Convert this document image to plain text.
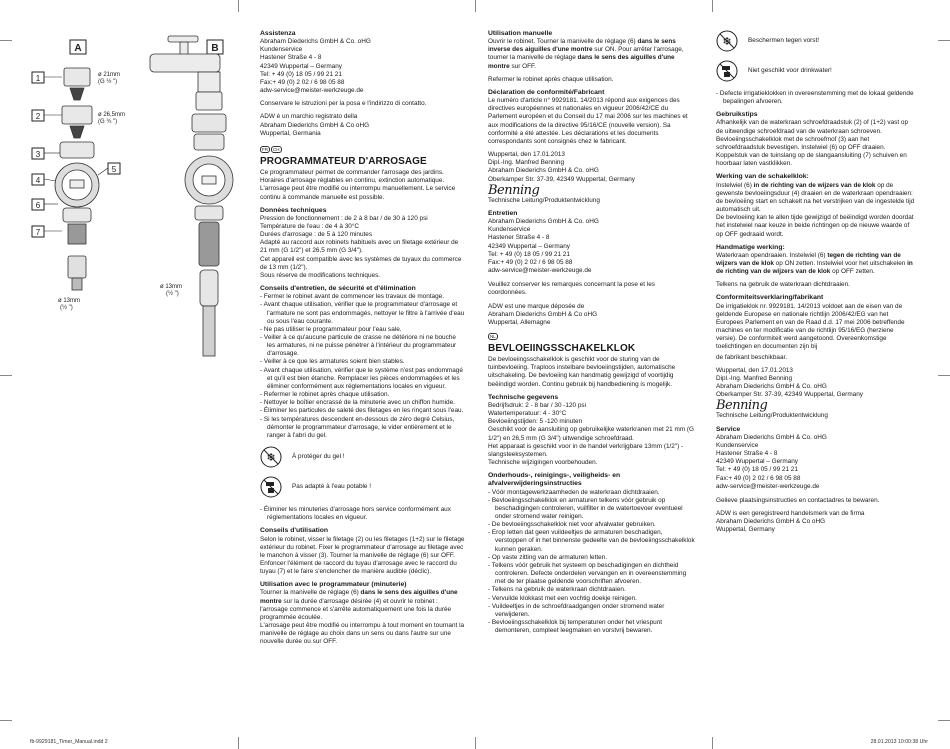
A	B
1
2
3
4
5
6
7
ø 21mm
(G ½ ")
ø 26,5mm
(G ¾ ")
ø 13mm
(½ ")
ø 13mm
(½ ")
Assistenza
Abraham Diederichs GmbH & Co. oHG
Kundenservice
Hastener Straße 4 - 8
42349 Wuppertal – Germany
Tel: + 49 (0) 18 05 / 99 21 21
Fax:+ 49 (0) 2 02 / 6 98 05 88
adw-service@meister-werkzeuge.de

Conservare le istruzioni per la posa e l'indirizzo di contatto.

ADW è un marchio registrato della
Abraham Diederichs GmbH & Co oHG
Wuppertal, Germania
FR CH
PROGRAMMATEUR D'ARROSAGE

Ce programmateur permet de commander l'arrosage des jardins. Horaires d'arrosage réglables en continu, extinction automatique. L'arrosage peut être modifié ou interrompu manuellement. Le service continu à commande manuelle est possible.

Données techniques
Pression de fonctionnement : de 2 à 8 bar / de 30 à 120 psi
Température de l'eau : de 4 à 30°C
Durées d'arrosage : de 5 à 120 minutes
Adapté au raccord aux robinets habituels avec un filetage extérieur de 21 mm (G 1/2") et 26,5 mm (G 3/4").
Cet appareil est compatible avec les systèmes de tuyaux du commerce de 13 mm (1/2").
Sous réserve de modifications techniques.
Conseils d'entretien, de sécurité et d'élimination
- Fermer le robinet avant de commencer les travaux de montage.
- Avant chaque utilisation, vérifier que le programmateur d'arrosage et l'armature ne sont pas endommagés, nettoyer le filtre à l'arrivée d'eau ou sous l'eau courante.
- Ne pas utiliser le programmateur pour l'eau sale.
- Veiller à ce qu'aucune particule de crasse ne détériore ni ne bouche les armatures, ni ne puisse pénétrer à l'intérieur du programmateur d'arrosage.
- Veiller à ce que les armatures soient bien stables.
- Avant chaque utilisation, vérifier que le système n'est pas endommagé et qu'il est bien étanche. Remplacer les pièces endommagées et les éliminer conformément aux réglementations locales en vigueur.
- Refermer le robinet après chaque utilisation.
- Nettoyer le boîtier encrassé de la minuterie avec un chiffon humide.
- Éliminer les particules de saleté des filetages en les rinçant sous l'eau.
- Si les températures descendent en-dessous de zéro degré Celsius, démonter le programmateur d'arrosage, le vider entièrement et le ranger à l'abri du gel.
❄	À protéger du gel !
Pas adapté à l'eau potable !
- Éliminer les minuteries d'arrosage hors service conformément aux réglementations locales en vigueur.
Conseils d'utilisation

Selon le robinet, visser le filetage (2) ou les filetages (1+2) sur le filetage extérieur du robinet. Fixer le programmateur d'arrosage au filetage avec le manchon à visser (3). Tourner la manivelle de réglage (6) sur OFF. Enfoncer l'élément de raccord du tuyau d'arrosage avec le raccord du tuyau (7) et le faire s'enclencher de manière audible (déclic).

Utilisation avec le programmateur (minuterie)

Tourner la manivelle de réglage (6) dans le sens des aiguilles d'une montre sur la durée d'arrosage désirée (4) et ouvrir le robinet : l'arrosage commence et s'arrête automatiquement une fois la durée programmée écoulée.

L'arrosage peut être modifié ou interrompu à tout moment en tournant la manivelle de réglage au choix dans un sens ou dans l'autre sur une nouvelle durée ou sur OFF.

Utilisation manuelle

Ouvrir le robinet. Tourner la manivelle de réglage (6) dans le sens inverse des aiguilles d'une montre sur ON. Pour arrêter l'arrosage, tourner la manivelle de réglage dans le sens des aiguilles d'une montre sur OFF.

Refermer le robinet après chaque utilisation.

Déclaration de conformité/Fabricant

Le numéro d'article n° 9929181. 14/2013 répond aux exigences des directives européennes et nationales en vigueur 2006/42/CE du Parlement européen et du Conseil du 17 mai 2006 sur les machines et aux modifications de la directive 95/16/CE (nouvelle version). Sa conformité a été attestée. Les déclarations et les documents correspondants sont consignés chez le fabricant.

Wuppertal, den 17.01.2013
Dipl.-Ing. Manfred Benning
Abraham Diederichs GmbH & Co. oHG
Oberkamper Str. 37-39, 42349 Wuppertal, Germany
Benning

Technische Leitung/Produktentwicklung

Entretien
Abraham Diederichs GmbH & Co. oHG
Kundenservice
Hastener Straße 4 - 8
42349 Wuppertal – Germany
Tel: + 49 (0) 18 05 / 99 21 21
Fax:+ 49 (0) 2 02 / 6 98 05 88
adw-service@meister-werkzeuge.de

Veuillez conserver les remarques concernant la pose et les coordonnées.

ADW est une marque déposée de
Abraham Diederichs GmbH & Co oHG
Wuppertal, Allemagne
NL
BEVLOEIINGSSCHAKELKLOK

De bevloeiingsschakelklok is geschikt voor de sturing van de tuinbevloeiing. Traploos instelbare bevloeiingstijden, automatische uitschakeling. De bevloeiing kan handmatig gewijzigd of voortijdig beëindigd worden. Continu gebruik bij handbediening is mogelijk.

Technische gegevens
Bedrijfsdruk: 2 - 8 bar / 30 -120 psi
Watertemperatuur: 4 - 30°C
Bevloeiingstijden: 5 -120 minuten
Geschikt voor de aansluiting op gebruikelijke waterkranen met 21 mm (G 1/2") en 26,5 mm (G 3/4") uitwendige schroefdraad.
Het apparaat is geschikt voor in de handel verkrijgbare 13mm (1/2") - slangsteeksystemen.
Technische wijzigingen voorbehouden.
Onderhouds-, reinigings-, veiligheids- en afvalverwijderingsinstructies
- Vóór montagewerkzaamheden de waterkraan dichtdraaien.
- Bevloeiingsschakelklok en armaturen telkens vóór gebruik op beschadigingen controleren, vuilfilter in de watertoevoer eventueel onder stromend water reinigen.
- De bevloeiingsschakelklok niet voor afvalwater gebruiken.
- Erop letten dat geen vuildeeltjes de armaturen beschadigen, verstoppen of in het binnenste gedeelte van de bevloeiingsschakelklok kunnen geraken.
- Op vaste zitting van de armaturen letten.
- Telkens vóór gebruik het systeem op beschadigingen en dichtheid controleren. Defecte onderdelen vervangen en in overeenstemming met de ter plaatse geldende voorschriften afvoeren.
- Telkens na gebruik de waterkraan dichtdraaien.
- Vervuilde klokkast met een vochtig doekje reinigen.
- Vuildeeltjes in de schroefdraadgangen onder stromend water verwijderen.
- Bevloeiingsschakelklok bij temperaturen onder het vriespunt demonteren, compleet leegmaken en vorstvrij bewaren.
❄	Beschermen tegen vorst!
Niet geschikt voor drinkwater!
- Defecte irrigatieklokken in overeenstemming met de lokaal geldende bepalingen afvoeren.
Gebruikstips

Afhankelijk van de waterkraan schroefdraadstuk (2) of (1+2) vast op de uitwendige schroefdraad van de waterkraan schroeven. Bevloeiingsschakelklok met de schroefmof (3) aan het schroefdraadstuk bevestigen. Instelwiel (6) op OFF draaien. Koppelstuk van de tuinslang op de slangaansluiting (7) schuiven en hoorbaar laten vastklikken.

Werking van de schakelklok:

Instelwiel (6) in de richting van de wijzers van de klok op de gewenste bevloeiingsduur (4) draaien en de waterkraan opendraaien: de bevloeiing start en schakelt na het verstrijken van de ingestelde tijd automatisch uit.

De bevloeiing kan te allen tijde gewijzigd of beëindigd worden doordat het instelwiel naar keuze in beide richtingen op de nieuwe waarde of op OFF gedraaid wordt.

Handmatige werking:

Waterkraan opendraaien. Instelwiel (6) tegen de richting van de wijzers van de klok op ON zetten. Instelwiel voor het uitschakelen in de richting van de wijzers van de klok op OFF zetten.

Telkens na gebruik de waterkraan dichtdraaien.

Conformiteitsverklaring/fabrikant

De irrigatieklok nr. 9929181. 14/2013 voldoet aan de eisen van de geldende Europese en nationale richtlijn 2006/42/EG van het Europees Parlement en van de Raad d.d. 17 mei 2006 betreffende machines en ter modificatie van de richtlijn 95/16/EG (herziene versie). De conformiteit werd aangetoond. Overeenkomstige toelichtingen en documenten zijn bij

de fabrikant beschikbaar.

Wuppertal, den 17.01.2013
Dipl.-Ing. Manfred Benning
Abraham Diederichs GmbH & Co. oHG
Oberkamper Str. 37-39, 42349 Wuppertal, Germany
Benning

Technische Leitung/Produktentwicklung

Service
Abraham Diederichs GmbH & Co. oHG
Kundenservice
Hastener Straße 4 - 8
42349 Wuppertal – Germany
Tel: + 49 (0) 18 05 / 99 21 21
Fax:+ 49 (0) 2 02 / 6 98 05 88
adw-service@meister-werkzeuge.de

Gelieve plaatsingsinstructies en contactadres te bewaren.

ADW is een geregistreerd handelsmerk van de firma
Abraham Diederichs GmbH & Co oHG
Wuppertal, Germany
fb-9929181_Timer_Manual.indd 2	28.01.2013 10:00:38 Uhr
